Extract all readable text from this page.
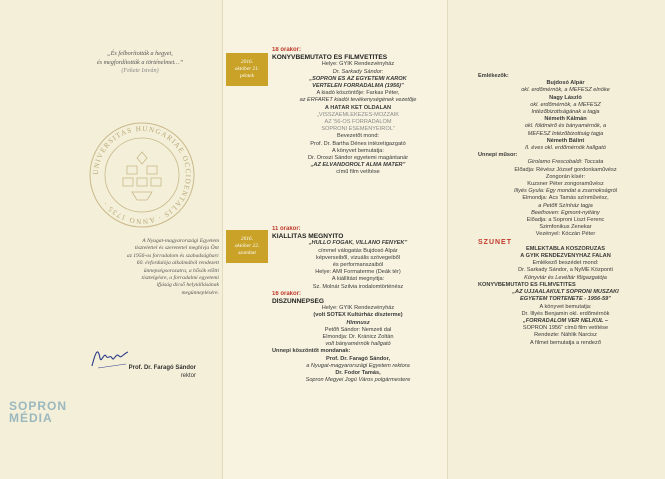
„És felborították a hegyet,
és megfordították a történelmet…”
(Fekete István)
UNIVERSITAS HUNGARIAE OCCIDENTALIS · ANNO 1735 ·
A Nyugat-magyarországi Egyetem
tisztelettel és szeretettel meghívja Önt
az 1956-os forradalom és szabadságharc
60. évfordulója alkalmából rendezett
ünnepségsorozatra, a hősök előtti
tisztelgésre, a forradalmi egyetemi
ifjúság dicső helytállásának
megünneplésére.
Prof. Dr. Faragó Sándor
rektor
2016.
október 21.
péntek
2016.
október 22.
szombat
18 órakor:
KÖNYVBEMUTATÓ ÉS FILMVETÍTÉS
Helye: GYIK Rendezvényház
Dr. Sarkady Sándor:
„SOPRON ÉS AZ EGYETEMI KAROK
VÉRTELEN FORRADALMA (1956)”
A kiadó köszöntője: Farkas Péter,
az ERFARET kiadói tevékenységének vezetője
A HATÁR KÉT OLDALÁN
„VISSZAEMLÉKEZÉS-MOZZAIK
AZ '56-OS FORRADALOM
SOPRONI ESEMÉNYEIRŐL”
Bevezetőt mond:
Prof. Dr. Bartha Dénes intézetigazgató
A könyvet bemutatja:
Dr. Oroszi Sándor egyetemi magántanár
„AZ ELVÁNDOROLT ALMA MATER”
című film vetítése
11 órakor:
KIÁLLÍTÁS MEGNYITÓ
„HULLÓ FOGAK, VILLANÓ FÉNYEK”
címmel válogatás Bujdosó Alpár
képverseiből, vizuális szövegeiből
és performanszaiból
Helye: AMI Formaterme (Deák tér)
A kiállítást megnyitja:
Sz. Molnár Szilvia irodalomtörténész
16 órakor:
DÍSZÜNNEPSÉG
Helye: GYIK Rendezvényház
(volt SOTEX Kultúrház díszterme)
Himnusz
Petőfi Sándor: Nemzeti dal
Elmondja: Dr. Kránicz Zoltán
volt bányamérnök hallgató
Ünnepi köszöntőt mondanak:
Prof. Dr. Faragó Sándor,
a Nyugat-magyarországi Egyetem rektora
Dr. Fodor Tamás,
Sopron Megyei Jogú Város polgármestere
Emlékezők:
Bujdosó Alpár
okl. erdőmérnök, a MEFESZ elnöke
Nagy László
okl. erdőmérnök, a MEFESZ
Intézőbizottságának a tagja
Németh Kálmán
okl. földmérő és bányamérnök, a
MEFESZ Intézőbizottság tagja
Németh Bálint
II. éves okl. erdőmérnök hallgató
Ünnepi műsor:
Girolamo Frescobaldi: Toccata
Előadja: Révész József gordonkaművész
Zongorán kísér:
Kuzsner Péter zongoraművész
Illyés Gyula: Egy mondat a zsarnokságról
Elmondja: Ács Tamás színművész,
a Petőfi Színház tagja
Beethoven: Egmont-nyitány
Előadja: a Soproni Liszt Ferenc
Szimfonikus Zenekar
Vezényel: Kóczán Péter
SZÜNET
EMLÉKTÁBLA KOSZORÚZÁS
A GYIK RENDEZVÉNYHÁZ FALÁN
Emlékező beszédet mond:
Dr. Sarkady Sándor, a NyME Központi
Könyvtár és Levéltár főigazgatója
KÖNYVBEMUTATÓ ÉS FILMVETÍTÉS
„AZ ÚJJÁALAKULT SOPRONI MŰSZAKI
EGYETEM TÖRTÉNETE - 1956-59”
A könyvet bemutatja:
Dr. Illyés Benjamin okl. erdőmérnök
„FORRADALOM VÉR NÉLKÜL –
SOPRON 1956” című film vetítése
Rendezte: Náhlik Narcisz
A filmet bemutatja a rendező
SOPRON
MÉDIA
